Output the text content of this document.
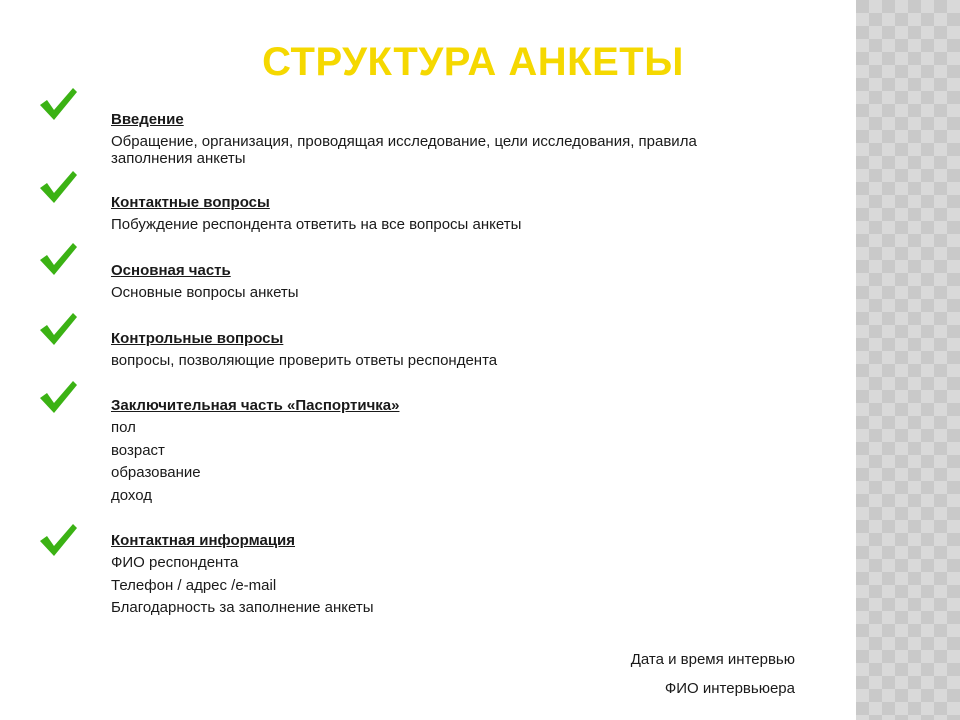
СТРУКТУРА АНКЕТЫ
Введение
Обращение, организация, проводящая исследование, цели исследования, правила
заполнения анкеты
Контактные вопросы
Побуждение респондента ответить на все вопросы анкеты
Основная часть
Основные вопросы анкеты
Контрольные вопросы
вопросы, позволяющие проверить ответы респондента
Заключительная часть «Паспортичка»
пол
возраст
образование
доход
Контактная информация
ФИО респондента
Телефон / адрес /e-mail
Благодарность за заполнение анкеты
Дата и время интервью
ФИО интервьюера
